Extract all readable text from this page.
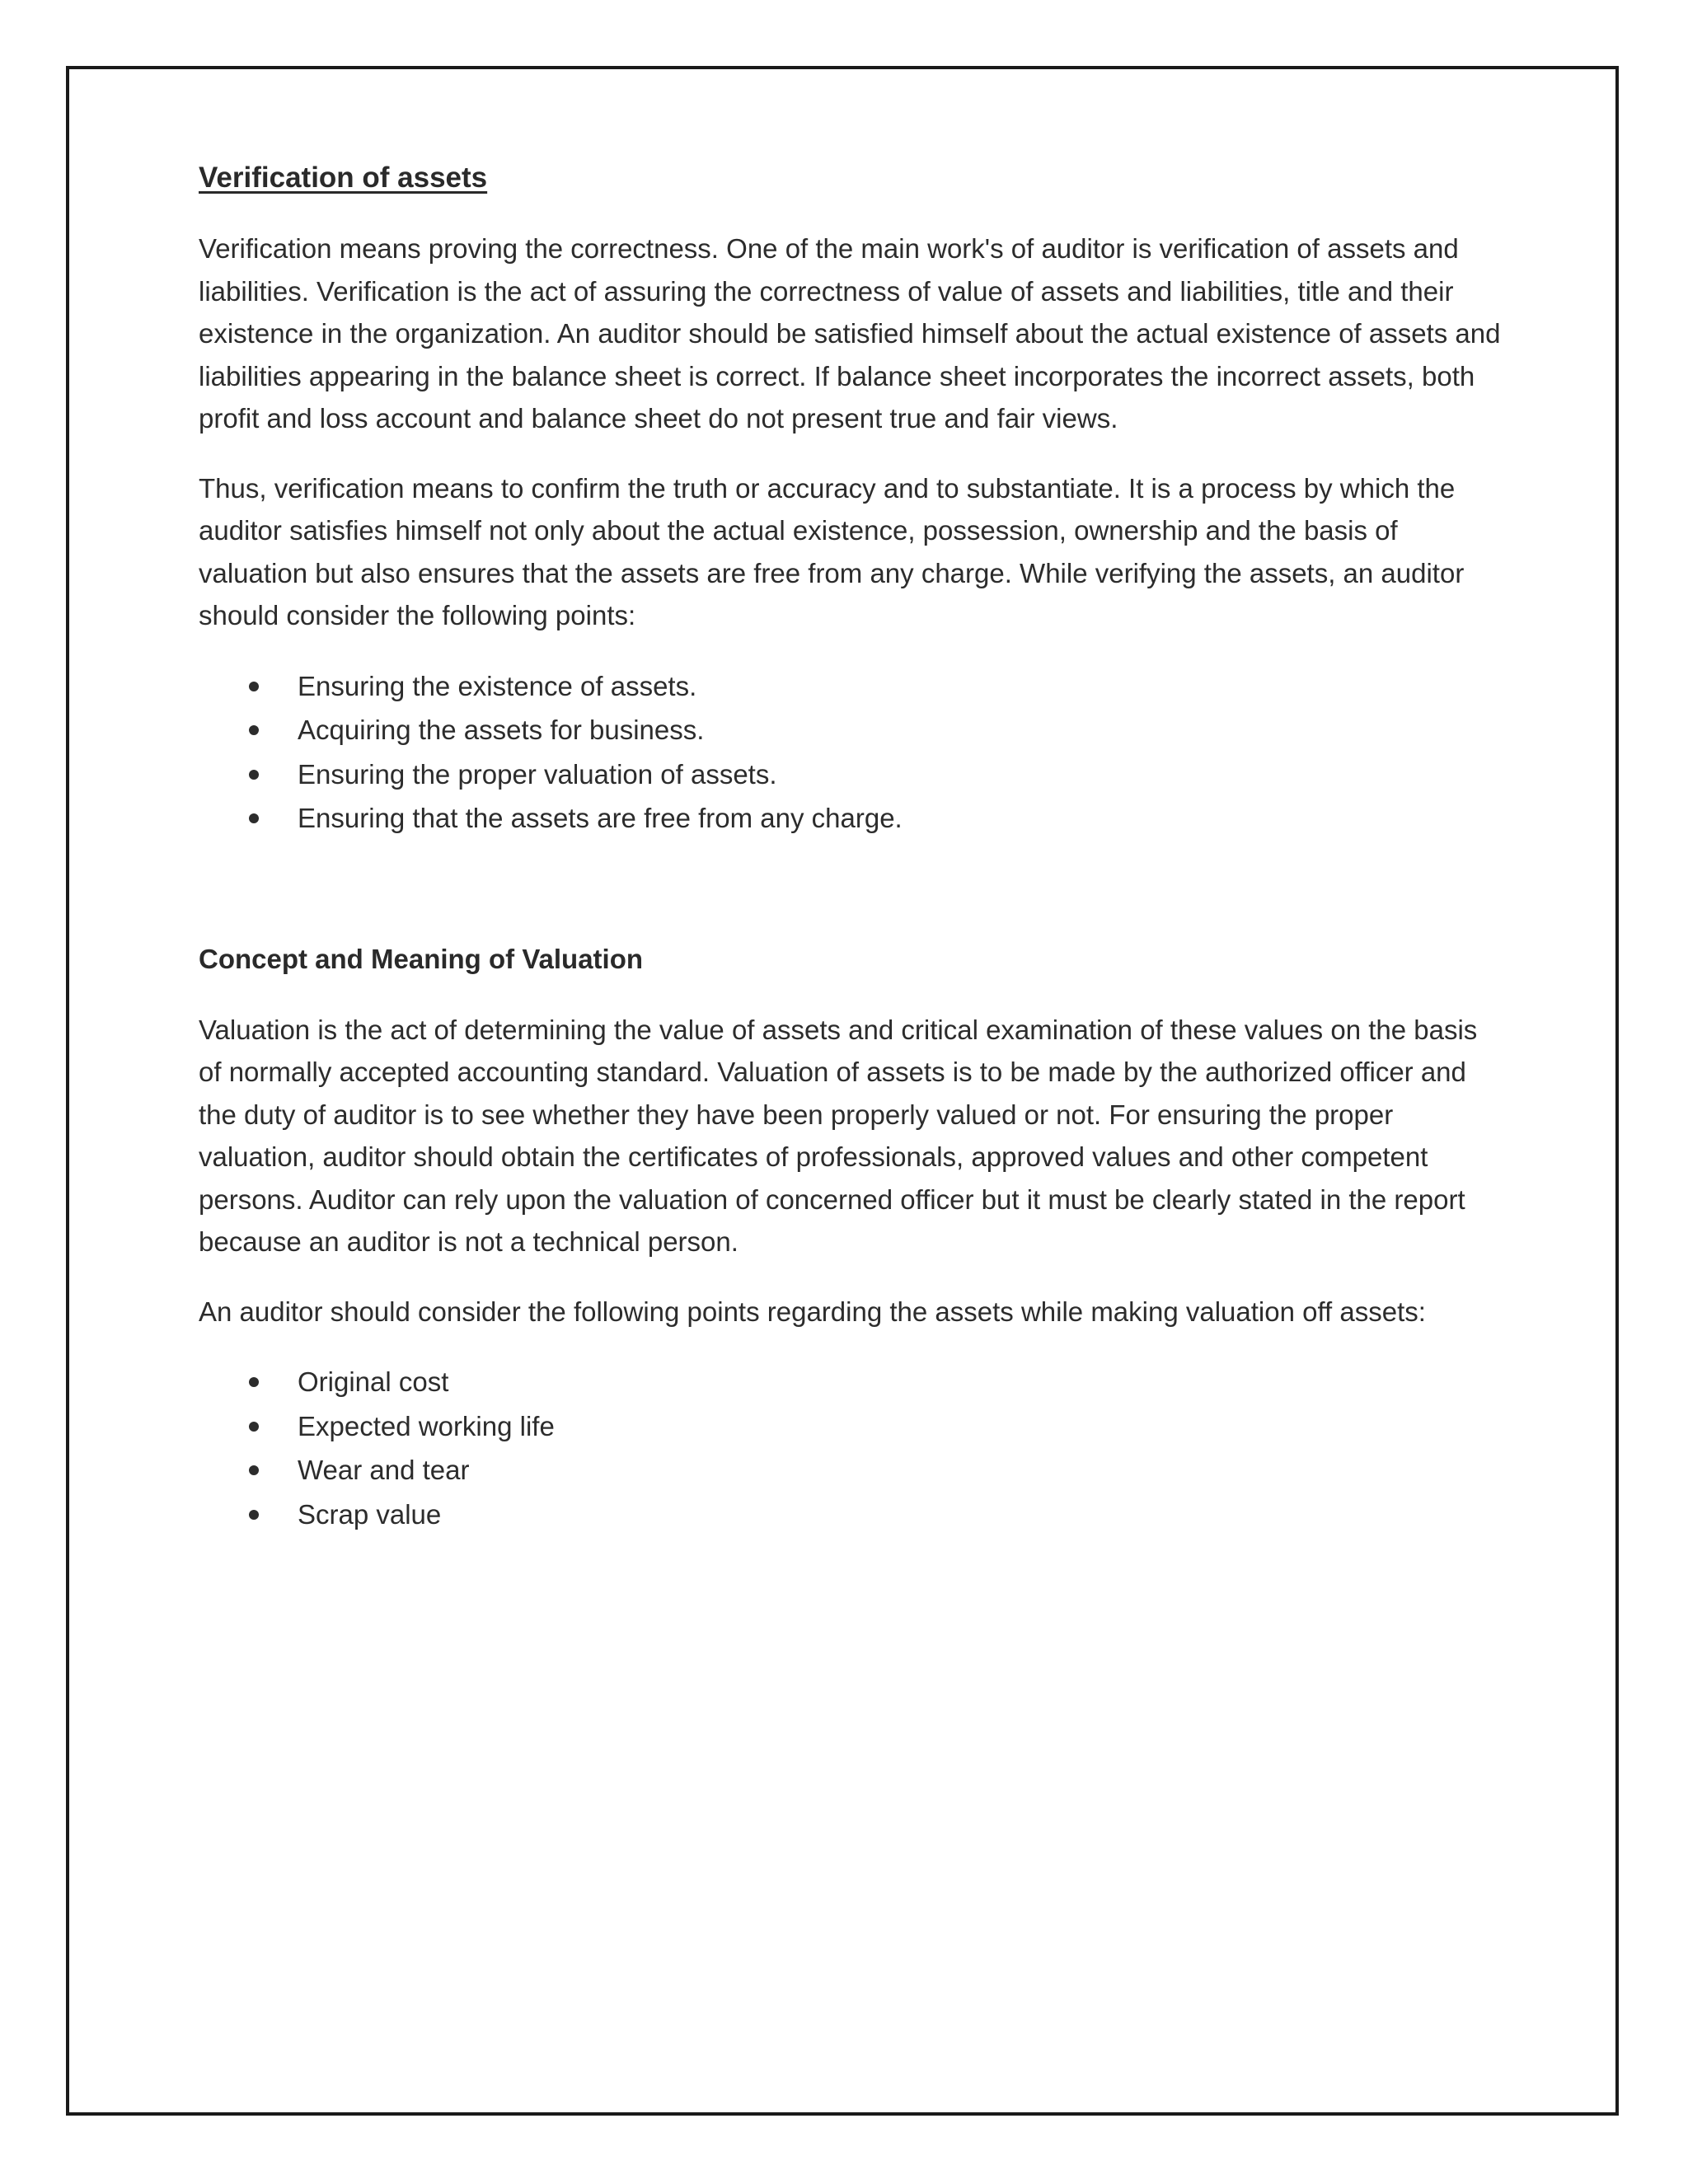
Verification of assets

Verification means proving the correctness. One of the main work's of auditor is verification of assets and liabilities. Verification is the act of assuring the correctness of value of assets and liabilities, title and their existence in the organization. An auditor should be satisfied himself about the actual existence of assets and liabilities appearing in the balance sheet is correct. If balance sheet incorporates the incorrect assets, both profit and loss account and balance sheet do not present true and fair views.

Thus, verification means to confirm the truth or accuracy and to substantiate. It is a process by which the auditor satisfies himself not only about the actual existence, possession, ownership and the basis of valuation but also ensures that the assets are free from any charge. While verifying the assets, an auditor should consider the following points:

Ensuring the existence of assets.
Acquiring the assets for business.
Ensuring the proper valuation of assets.
Ensuring that the assets are free from any charge.
Concept and Meaning of Valuation

Valuation is the act of determining the value of assets and critical examination of these values on the basis of normally accepted accounting standard. Valuation of assets is to be made by the authorized officer and the duty of auditor is to see whether they have been properly valued or not. For ensuring the proper valuation, auditor should obtain the certificates of professionals, approved values and other competent persons. Auditor can rely upon the valuation of concerned officer but it must be clearly stated in the report because an auditor is not a technical person.

An auditor should consider the following points regarding the assets while making valuation off assets:

Original cost
Expected working life
Wear and tear
Scrap value
